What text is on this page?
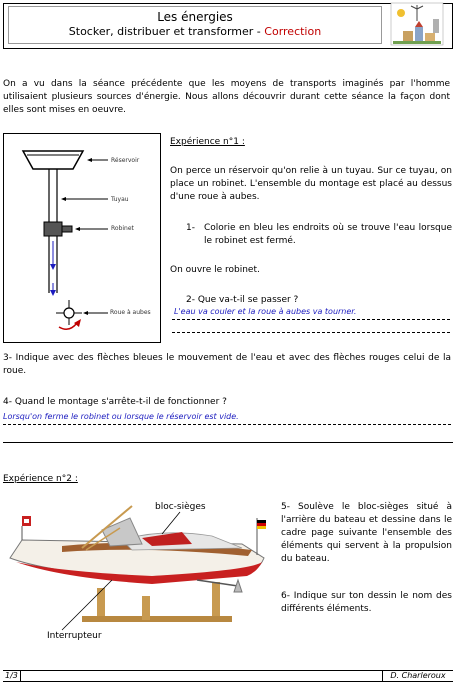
Les énergies
Stocker, distribuer et transformer - Correction
On a vu dans la séance précédente que les moyens de transports imaginés par l'homme utilisaient plusieurs sources d'énergie. Nous allons découvrir durant cette séance la façon dont elles sont mises en oeuvre.
Réservoir
Tuyau
Robinet
Roue à aubes
Expérience n°1 :
On perce un réservoir qu'on relie à un tuyau. Sur ce tuyau, on place un robinet. L'ensemble du montage est placé au dessus d'une roue à aubes.
1- Colorie en bleu les endroits où se trouve l'eau lorsque le robinet est fermé.
On ouvre le robinet.
2- Que va-t-il se passer ?
L'eau va couler et la roue à aubes va tourner.
3- Indique avec des flèches bleues le mouvement de l'eau et avec des flèches rouges celui de la roue.
4- Quand le montage s'arrête-t-il de fonctionner ?
Lorsqu'on ferme le robinet ou lorsque le réservoir est vide.
Expérience n°2 :
bloc-sièges
Interrupteur
5- Soulève le bloc-sièges situé à l'arrière du bateau et dessine dans le cadre page suivante l'ensemble des éléments qui servent à la propulsion du bateau.
6- Indique sur ton dessin le nom des différents éléments.
1/3	D. Charleroux
